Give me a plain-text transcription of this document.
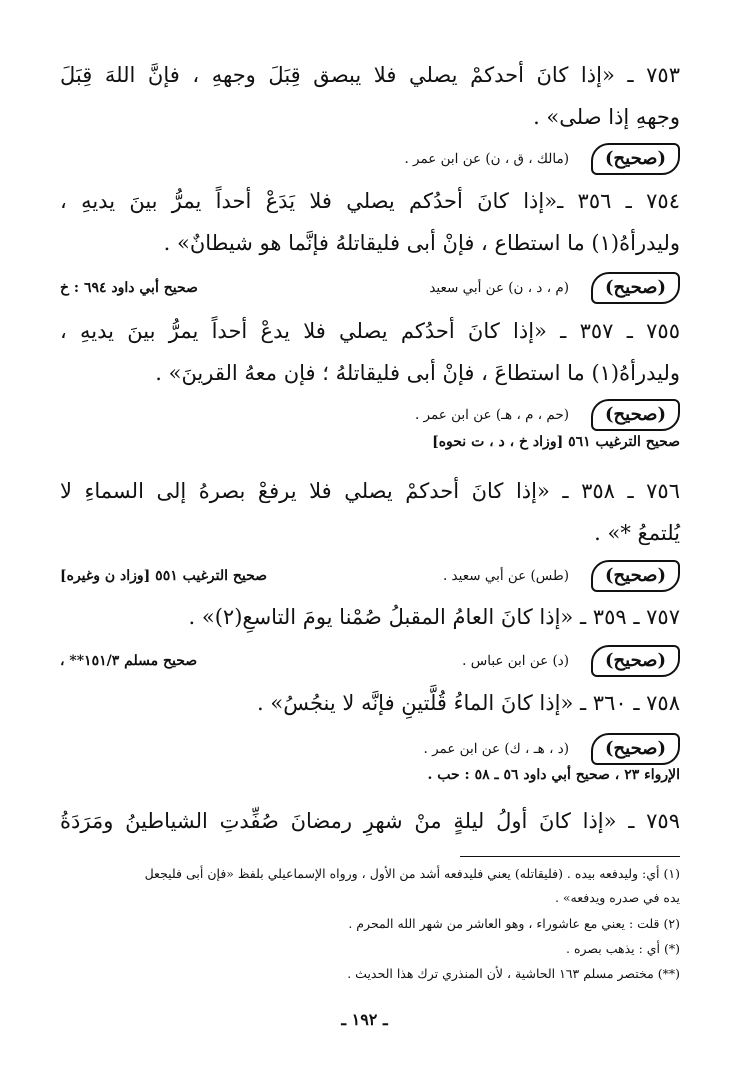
٧٥٣ ـ «إذا كانَ أحدكمْ يصلي فلا يبصق قِبَلَ وجههِ ، فإنَّ اللهَ قِبَلَ
وجههِ إذا صلى» .
(صحيح)
(مالك ، ق ، ن) عن ابن عمر .
٧٥٤ ـ ٣٥٦ ـ«إذا كانَ أحدُكم يصلي فلا يَدَعْ أحداً يمرُّ بينَ يديهِ ،
وليدرأهُ(١) ما استطاع ، فإنْ أبى فليقاتلهُ فإنَّما هو شيطانٌ» .
(صحيح)
(م ، د ، ن) عن أبي سعيد
صحيح أبي داود ٦٩٤ : خ
٧٥٥ ـ ٣٥٧ ـ «إذا كانَ أحدُكم يصلي فلا يدعْ أحداً يمرُّ بينَ يديهِ ،
وليدرأهُ(١) ما استطاعَ ، فإنْ أبى فليقاتلهُ ؛ فإن معهُ القرينَ» .
(صحيح)
(حم ، م ، هـ) عن ابن عمر .
صحيح الترغيب ٥٦١ [وزاد خ ، د ، ت نحوه]
٧٥٦ ـ ٣٥٨ ـ «إذا كانَ أحدكمْ يصلي فلا يرفعْ بصرهُ إلى السماءِ لا
يُلتمعُ *» .
(صحيح)
(طس) عن أبي سعيد .
صحيح الترغيب ٥٥١ [وزاد ن وغيره]
٧٥٧ ـ ٣٥٩ ـ «إذا كانَ العامُ المقبلُ صُمْنا يومَ التاسعِ(٢)» .
(صحيح)
(د) عن ابن عباس .
صحيح مسلم ١٥١/٣** ،
٧٥٨ ـ ٣٦٠ ـ «إذا كانَ الماءُ قُلَّتينِ فإنَّه لا ينجُسُ» .
(صحيح)
(د ، هـ ، ك) عن ابن عمر .
الإرواء ٢٣ ، صحيح أبي داود ٥٦ ـ ٥٨ : حب .
٧٥٩ ـ «إذا كانَ أولُ ليلةٍ منْ شهرِ رمضانَ صُفِّدتِ الشياطينُ ومَرَدَةُ
(١) أي: وليدفعه بيده . (فليقاتله) يعني فليدفعه أشد من الأول ، ورواه الإسماعيلي بلفظ «فإن أبى فليجعل
يده في صدره ويدفعه» .
(٢) قلت : يعني مع عاشوراء ، وهو العاشر من شهر الله المحرم .
(*) أي : يذهب بصره .
(**) مختصر مسلم ١٦٣ الحاشية ، لأن المنذري ترك هذا الحديث .
ـ ١٩٢ ـ
